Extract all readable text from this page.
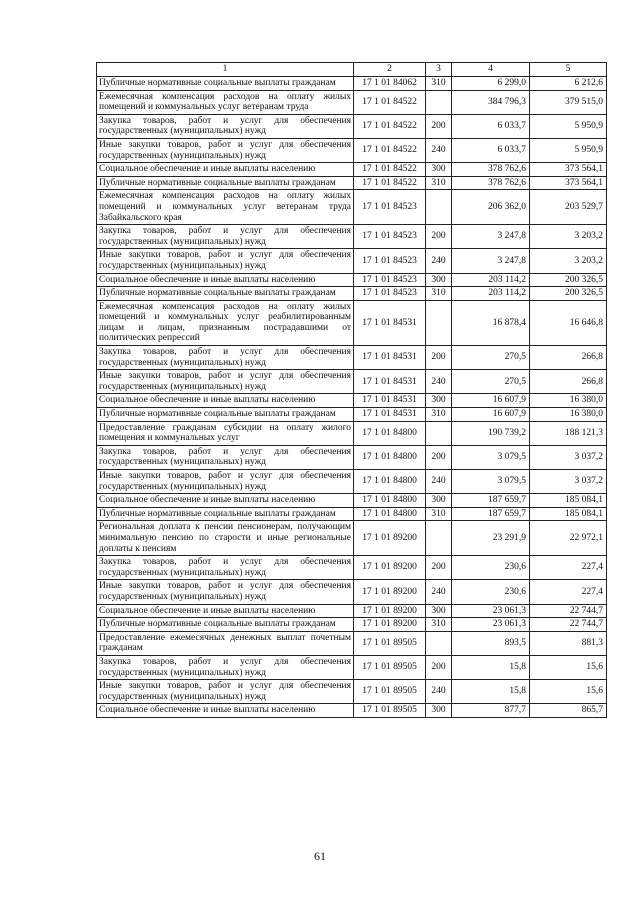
1	2	3	4	5
Публичные нормативные социальные выплаты гражданам	17 1 01 84062	310	6 299,0	6 212,6
Ежемесячная компенсация расходов на оплату жилых помещений и коммунальных услуг ветеранам труда	17 1 01 84522		384 796,3	379 515,0
Закупка товаров, работ и услуг для обеспечения государственных (муниципальных) нужд	17 1 01 84522	200	6 033,7	5 950,9
Иные закупки товаров, работ и услуг для обеспечения государственных (муниципальных) нужд	17 1 01 84522	240	6 033,7	5 950,9
Социальное обеспечение и иные выплаты населению	17 1 01 84522	300	378 762,6	373 564,1
Публичные нормативные социальные выплаты гражданам	17 1 01 84522	310	378 762,6	373 564,1
Ежемесячная компенсация расходов на оплату жилых помещений и коммунальных услуг ветеранам труда Забайкальского края	17 1 01 84523		206 362,0	203 529,7
Закупка товаров, работ и услуг для обеспечения государственных (муниципальных) нужд	17 1 01 84523	200	3 247,8	3 203,2
Иные закупки товаров, работ и услуг для обеспечения государственных (муниципальных) нужд	17 1 01 84523	240	3 247,8	3 203,2
Социальное обеспечение и иные выплаты населению	17 1 01 84523	300	203 114,2	200 326,5
Публичные нормативные социальные выплаты гражданам	17 1 01 84523	310	203 114,2	200 326,5
Ежемесячная компенсация расходов на оплату жилых помещений и коммунальных услуг реабилитированным лицам и лицам, признанным пострадавшими от политических репрессий	17 1 01 84531		16 878,4	16 646,8
Закупка товаров, работ и услуг для обеспечения государственных (муниципальных) нужд	17 1 01 84531	200	270,5	266,8
Иные закупки товаров, работ и услуг для обеспечения государственных (муниципальных) нужд	17 1 01 84531	240	270,5	266,8
Социальное обеспечение и иные выплаты населению	17 1 01 84531	300	16 607,9	16 380,0
Публичные нормативные социальные выплаты гражданам	17 1 01 84531	310	16 607,9	16 380,0
Предоставление гражданам субсидии на оплату жилого помещения и коммунальных услуг	17 1 01 84800		190 739,2	188 121,3
Закупка товаров, работ и услуг для обеспечения государственных (муниципальных) нужд	17 1 01 84800	200	3 079,5	3 037,2
Иные закупки товаров, работ и услуг для обеспечения государственных (муниципальных) нужд	17 1 01 84800	240	3 079,5	3 037,2
Социальное обеспечение и иные выплаты населению	17 1 01 84800	300	187 659,7	185 084,1
Публичные нормативные социальные выплаты гражданам	17 1 01 84800	310	187 659,7	185 084,1
Региональная доплата к пенсии пенсионерам, получающим минимальную пенсию по старости и иные региональные доплаты к пенсиям	17 1 01 89200		23 291,9	22 972,1
Закупка товаров, работ и услуг для обеспечения государственных (муниципальных) нужд	17 1 01 89200	200	230,6	227,4
Иные закупки товаров, работ и услуг для обеспечения государственных (муниципальных) нужд	17 1 01 89200	240	230,6	227,4
Социальное обеспечение и иные выплаты населению	17 1 01 89200	300	23 061,3	22 744,7
Публичные нормативные социальные выплаты гражданам	17 1 01 89200	310	23 061,3	22 744,7
Предоставление ежемесячных денежных выплат почетным гражданам	17 1 01 89505		893,5	881,3
Закупка товаров, работ и услуг для обеспечения государственных (муниципальных) нужд	17 1 01 89505	200	15,8	15,6
Иные закупки товаров, работ и услуг для обеспечения государственных (муниципальных) нужд	17 1 01 89505	240	15,8	15,6
Социальное обеспечение и иные выплаты населению	17 1 01 89505	300	877,7	865,7
61
